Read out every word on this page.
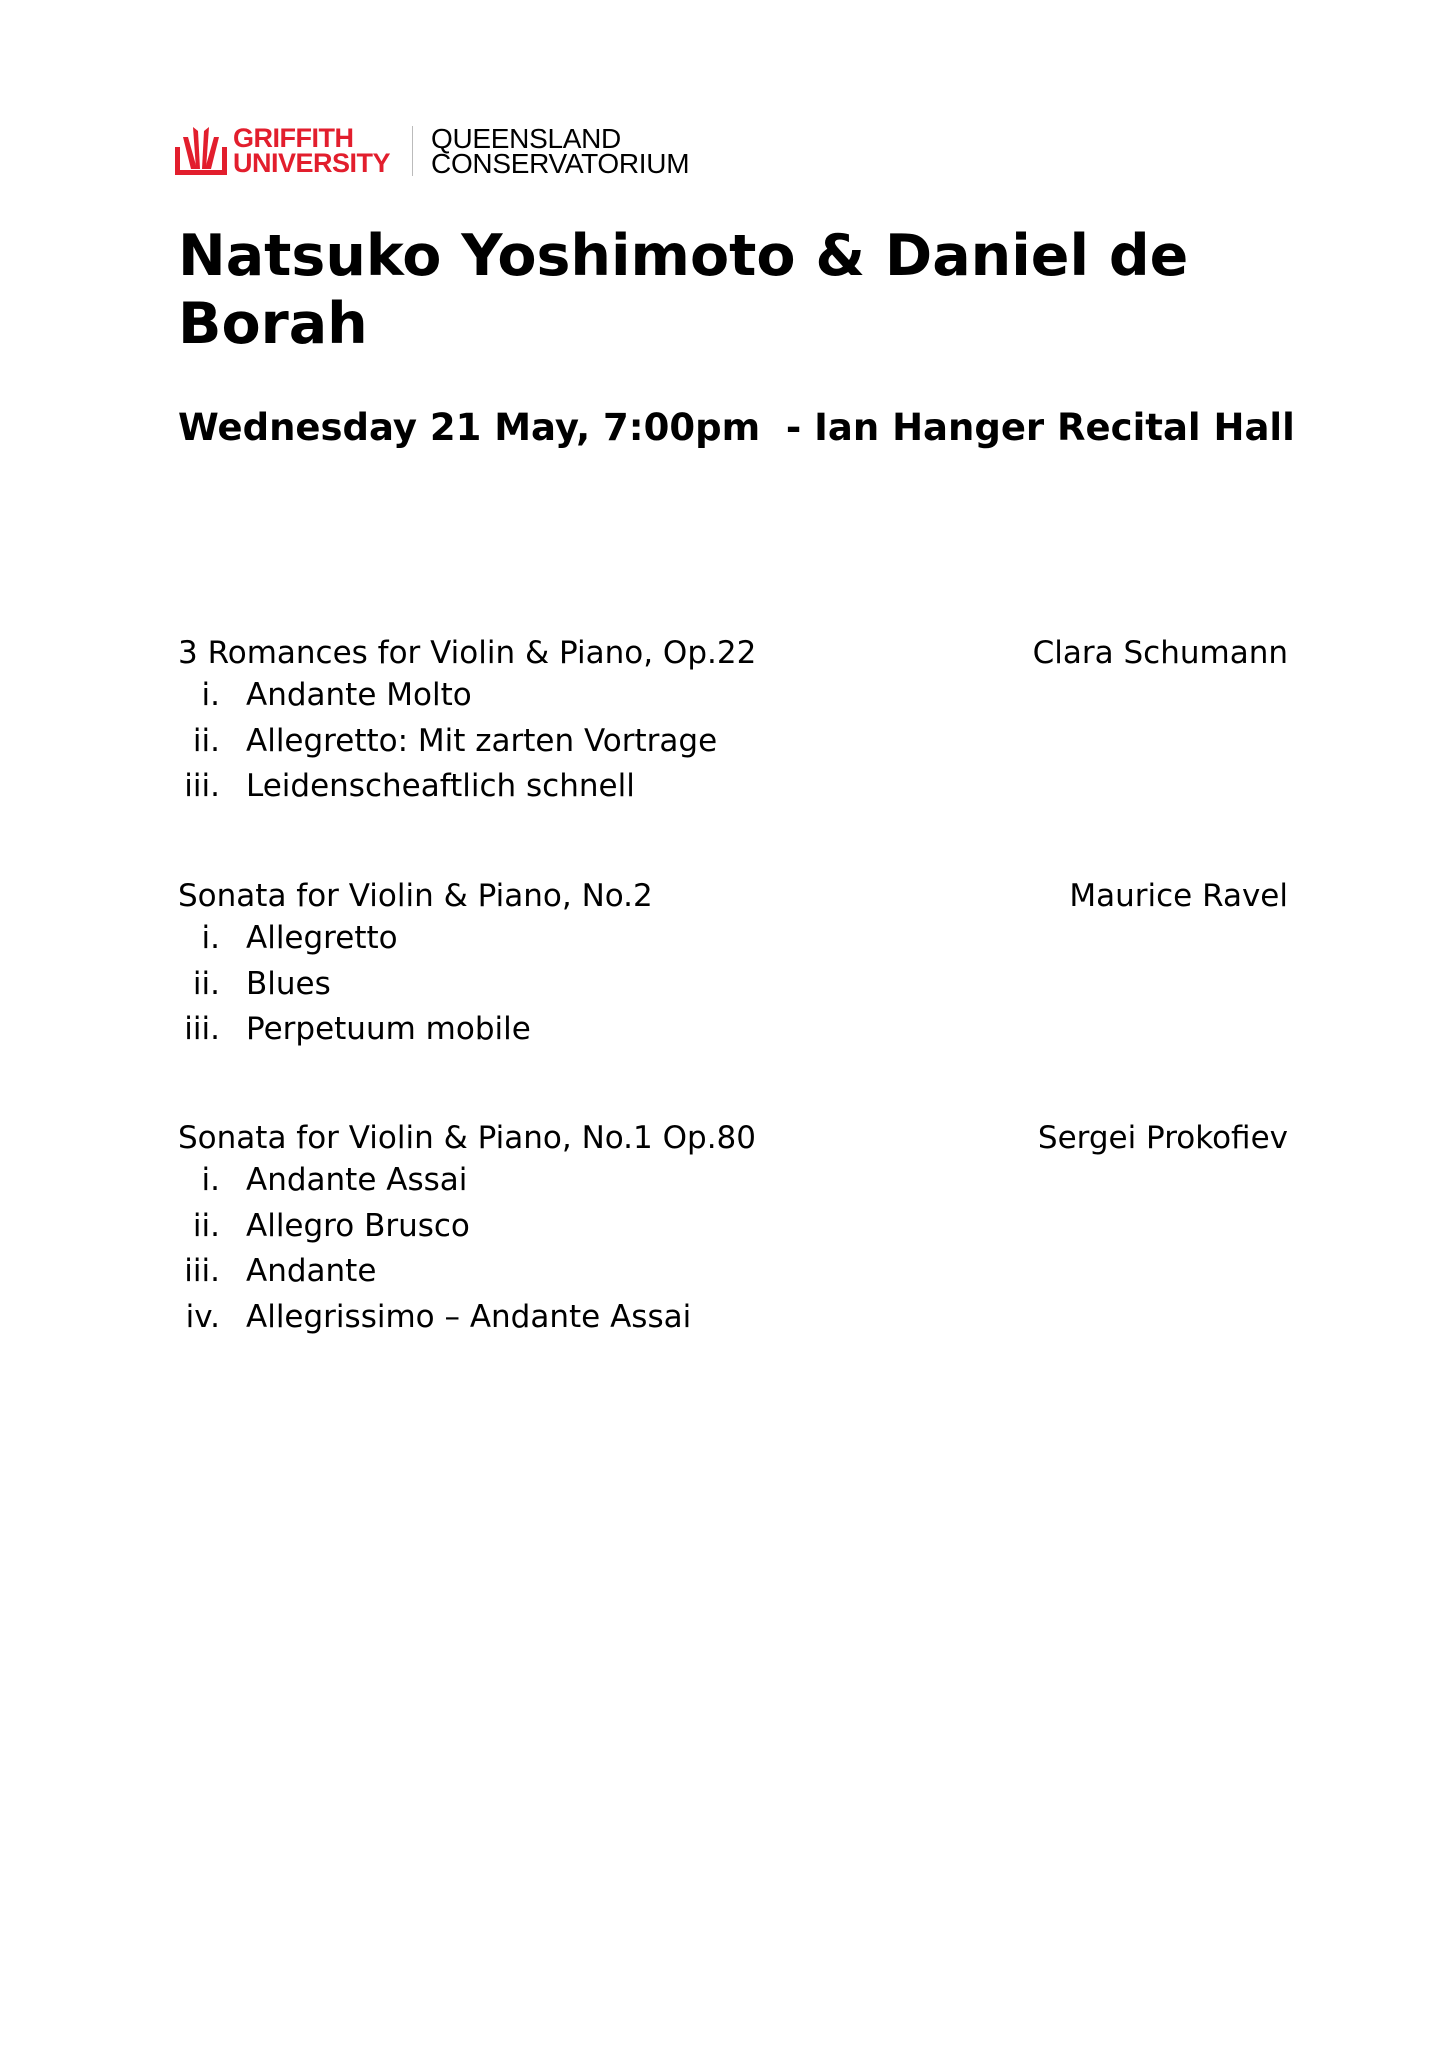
GRIFFITH
UNIVERSITY
QUEENSLAND
CONSERVATORIUM
Natsuko Yoshimoto & Daniel de Borah
Wednesday 21 May, 7:00pm  - Ian Hanger Recital Hall
3 Romances for Violin & Piano, Op.22	Clara Schumann
i. Andante Molto
ii. Allegretto: Mit zarten Vortrage
iii. Leidenscheaftlich schnell
Sonata for Violin & Piano, No.2	Maurice Ravel
i. Allegretto
ii. Blues
iii. Perpetuum mobile
Sonata for Violin & Piano, No.1 Op.80	Sergei Prokofiev
i. Andante Assai
ii. Allegro Brusco
iii. Andante
iv. Allegrissimo – Andante Assai
